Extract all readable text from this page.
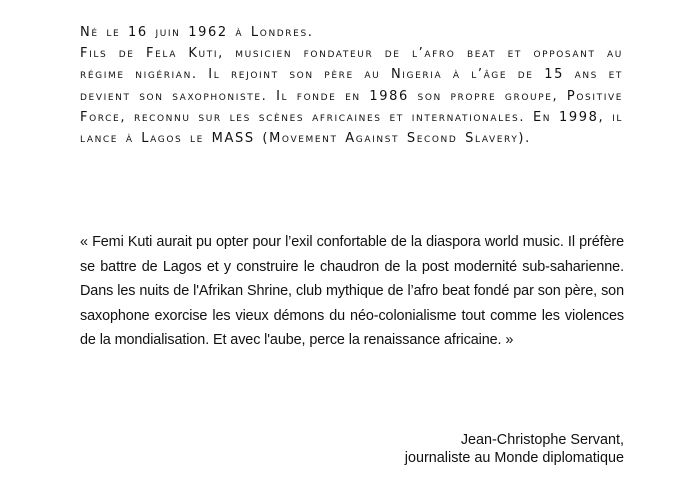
Né le 16 juin 1962 à Londres.
Fils de Fela Kuti, musicien fondateur de l’afro beat et opposant au régime nigérian. Il rejoint son père au Nigeria à l’âge de 15 ans et devient son saxophoniste. Il fonde en 1986 son propre groupe, Positive Force, reconnu sur les scènes africaines et internationales. En 1998, il lance à Lagos le MASS (Movement Against Second Slavery).

« Femi Kuti aurait pu opter pour l’exil confortable de la diaspora world music. Il préfère se battre de Lagos et y construire le chaudron de la post modernité sub-saharienne. Dans les nuits de l'Afrikan Shrine, club mythique de l’afro beat fondé par son père, son saxophone exorcise les vieux démons du néo-colonialisme tout comme les violences de la mondialisation. Et avec l'aube, perce la renaissance africaine. »

Jean-Christophe Servant,
journaliste au Monde diplomatique
